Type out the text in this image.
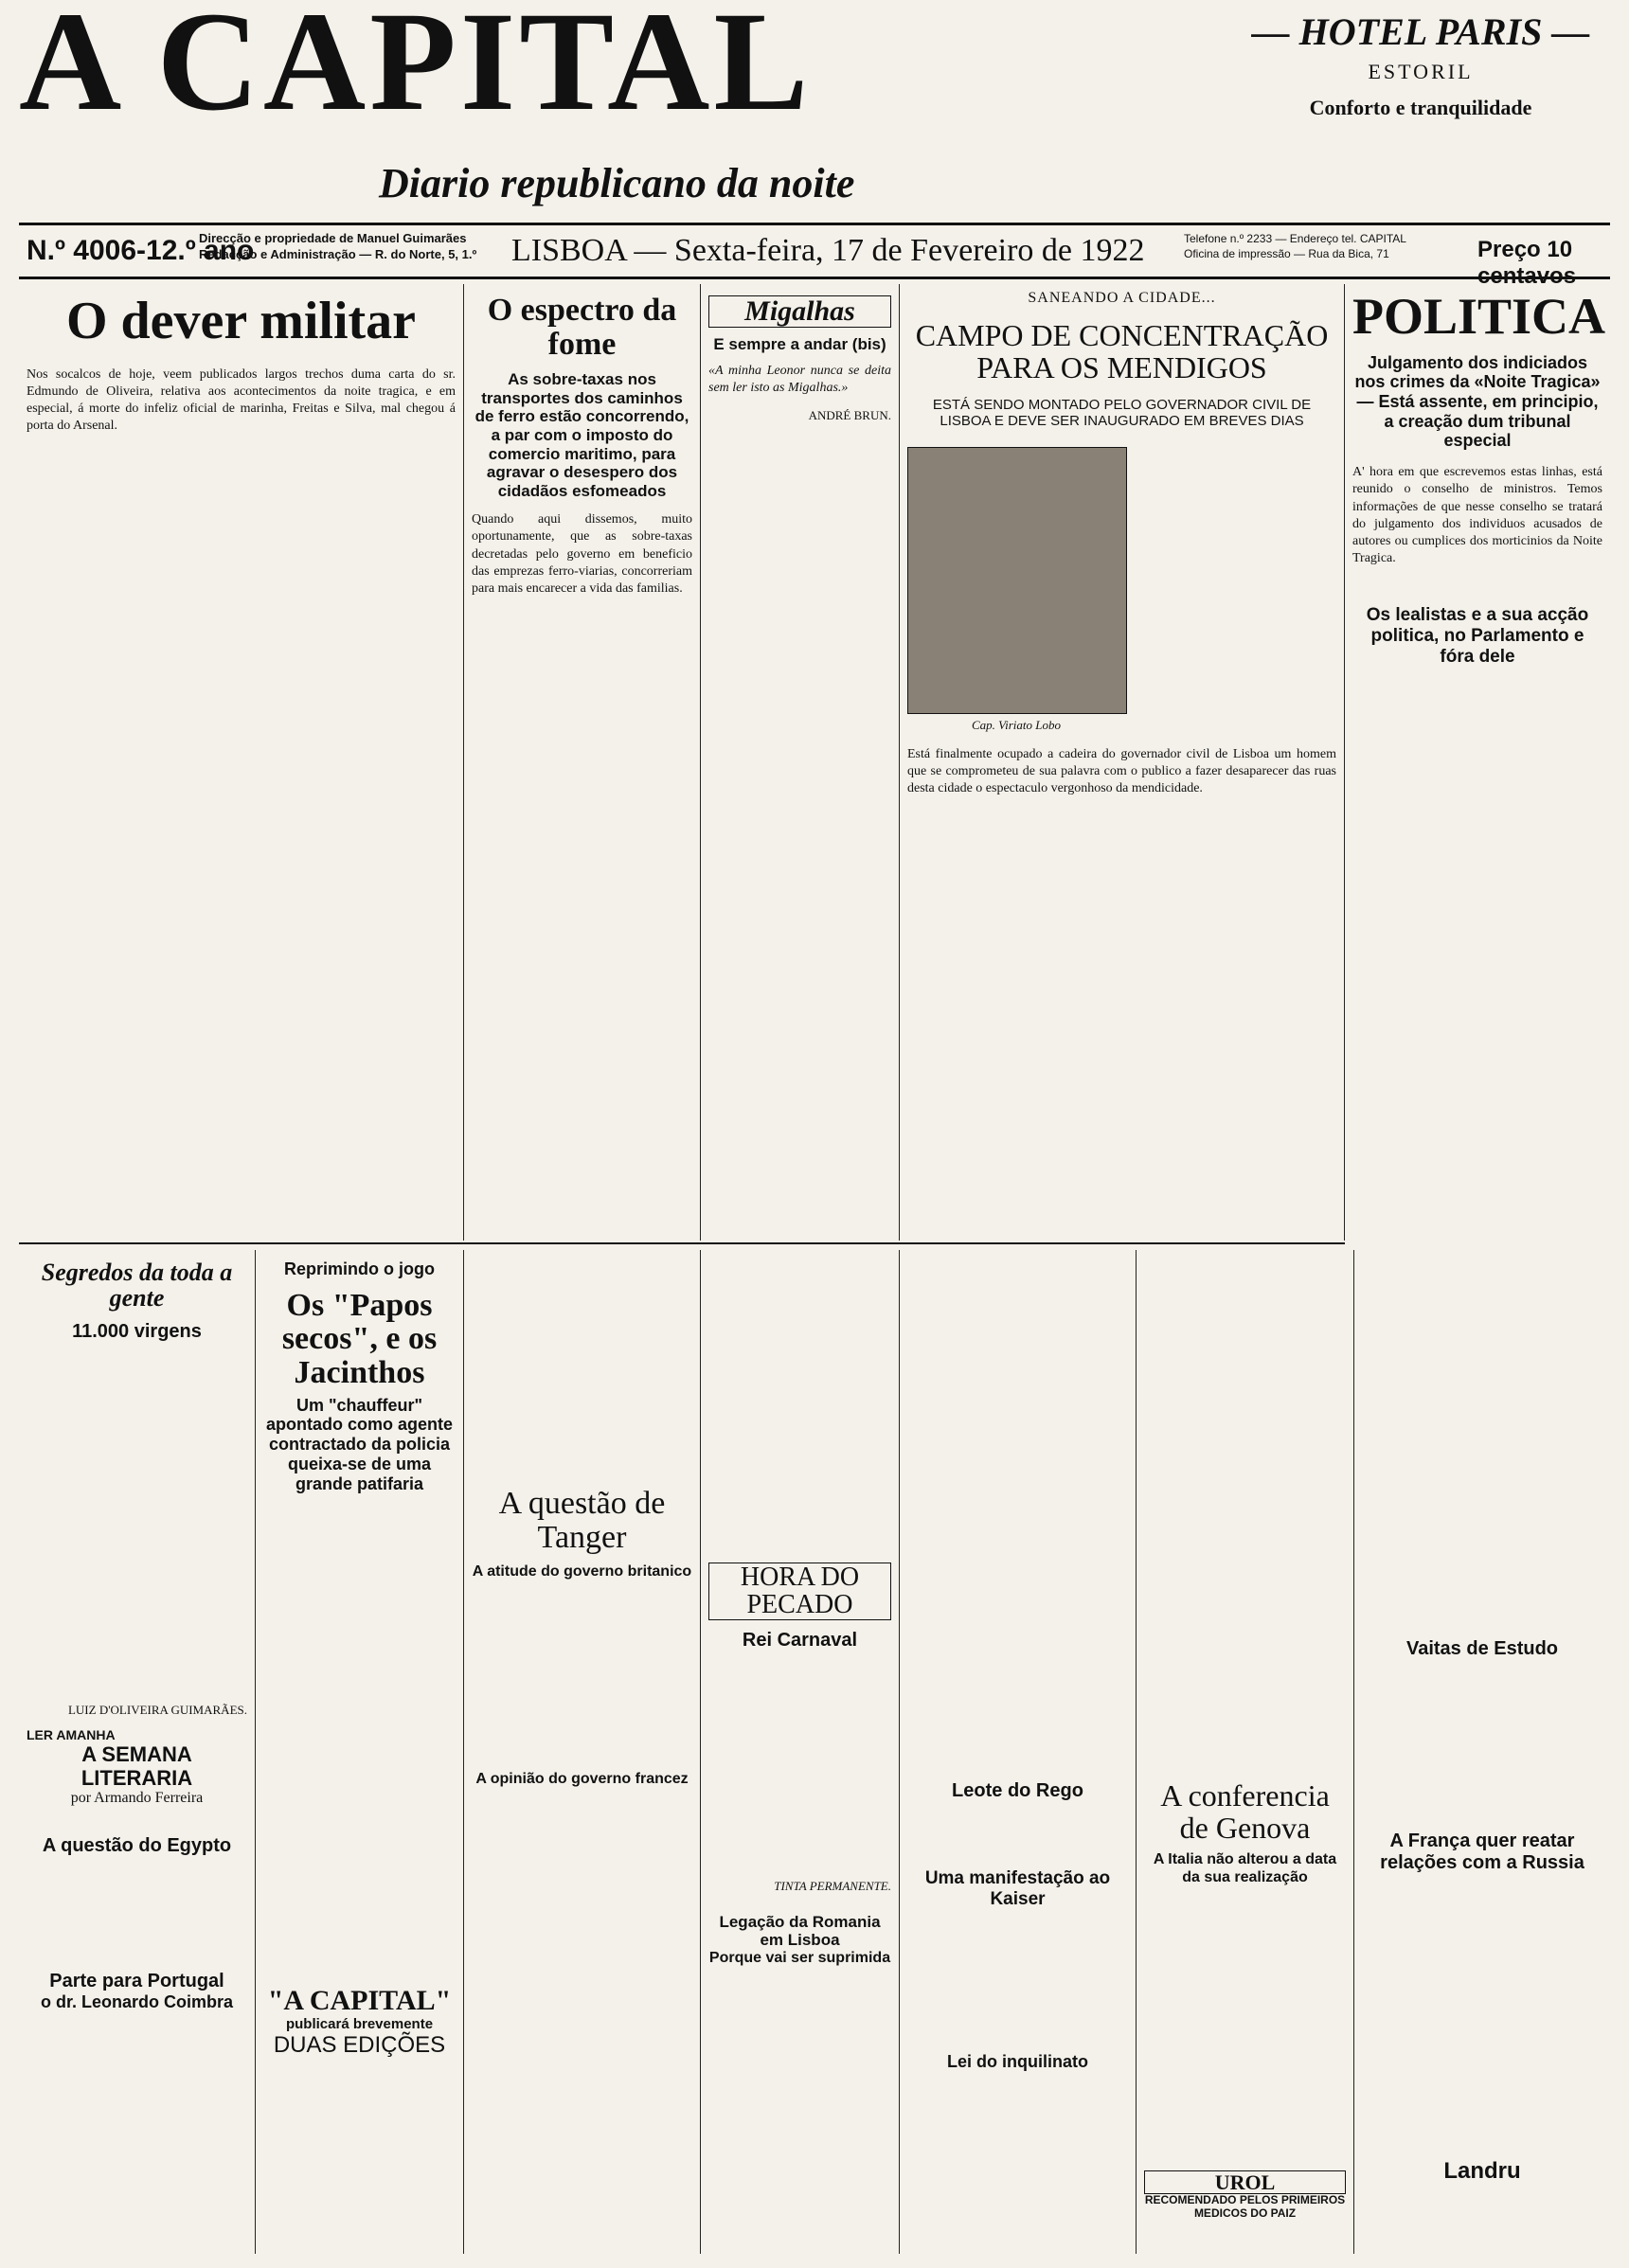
A CAPITAL
Diario republicano da noite
— HOTEL PARIS —
ESTORIL
Conforto e tranquilidade
N.º 4006-12.º ano
Direcção e propriedade de Manuel Guimarães
Redacção e Administração — R. do Norte, 5, 1.º LISBOA — Sexta-feira, 17 de Fevereiro de 1922	Telefone n.º 2233 — Endereço tel. CAPITAL
Oficina de impressão — Rua da Bica, 71	Preço 10 centavos
O dever militar
Nos socalcos de hoje, veem publicados largos trechos duma carta do sr. Edmundo de Oliveira, relativa aos acontecimentos da noite tragica, e em especial, á morte do infeliz oficial de marinha, Freitas e Silva, mal chegou á porta do Arsenal.
O espectro da fome
As sobre-taxas nos transportes dos caminhos de ferro estão concorrendo, a par com o imposto do comercio maritimo, para agravar o desespero dos cidadãos esfomeados
Quando aqui dissemos, muito oportunamente, que as sobre-taxas decretadas pelo governo em beneficio das emprezas ferro-viarias, concorreriam para mais encarecer a vida das familias.
Migalhas
E sempre a andar (bis)
«A minha Leonor nunca se deita sem ler isto as Migalhas.»
ANDRÉ BRUN.
SANEANDO A CIDADE...
CAMPO DE CONCENTRAÇÃO PARA OS MENDIGOS
ESTÁ SENDO MONTADO PELO GOVERNADOR CIVIL DE LISBOA E DEVE SER INAUGURADO EM BREVES DIAS
Cap. Viriato Lobo
Está finalmente ocupado a cadeira do governador civil de Lisboa um homem que se comprometeu de sua palavra com o publico a fazer desaparecer das ruas desta cidade o espectaculo vergonhoso da mendicidade.
POLITICA
Julgamento dos indiciados nos crimes da «Noite Tragica» — Está assente, em principio, a creação dum tribunal especial
A' hora em que escrevemos estas linhas, está reunido o conselho de ministros. Temos informações de que nesse conselho se tratará do julgamento dos individuos acusados de autores ou cumplices dos morticinios da Noite Tragica.
Os lealistas e a sua acção politica, no Parlamento e fóra dele
Segredos da toda a gente
11.000 virgens
LUIZ D'OLIVEIRA GUIMARÃES.
LER AMANHA
A SEMANA LITERARIA
por Armando Ferreira
A questão do Egypto
Parte para Portugal
o dr. Leonardo Coimbra
Reprimindo o jogo
Os "Papos secos", e os Jacinthos
Um "chauffeur" apontado como agente contractado da policia queixa-se de uma grande patifaria
"A CAPITAL"
publicará brevemente
DUAS EDIÇÕES
A questão de Tanger
A atitude do governo britanico
A opinião do governo francez
HORA DO PECADO
Rei Carnaval
TINTA PERMANENTE.
Legação da Romania em Lisboa
Porque vai ser suprimida
Leote do Rego
Uma manifestação ao Kaiser
Lei do inquilinato
A conferencia de Genova
A Italia não alterou a data da sua realização
UROL
RECOMENDADO PELOS PRIMEIROS MEDICOS DO PAIZ
Vaitas de Estudo
A França quer reatar relações com a Russia
Landru
